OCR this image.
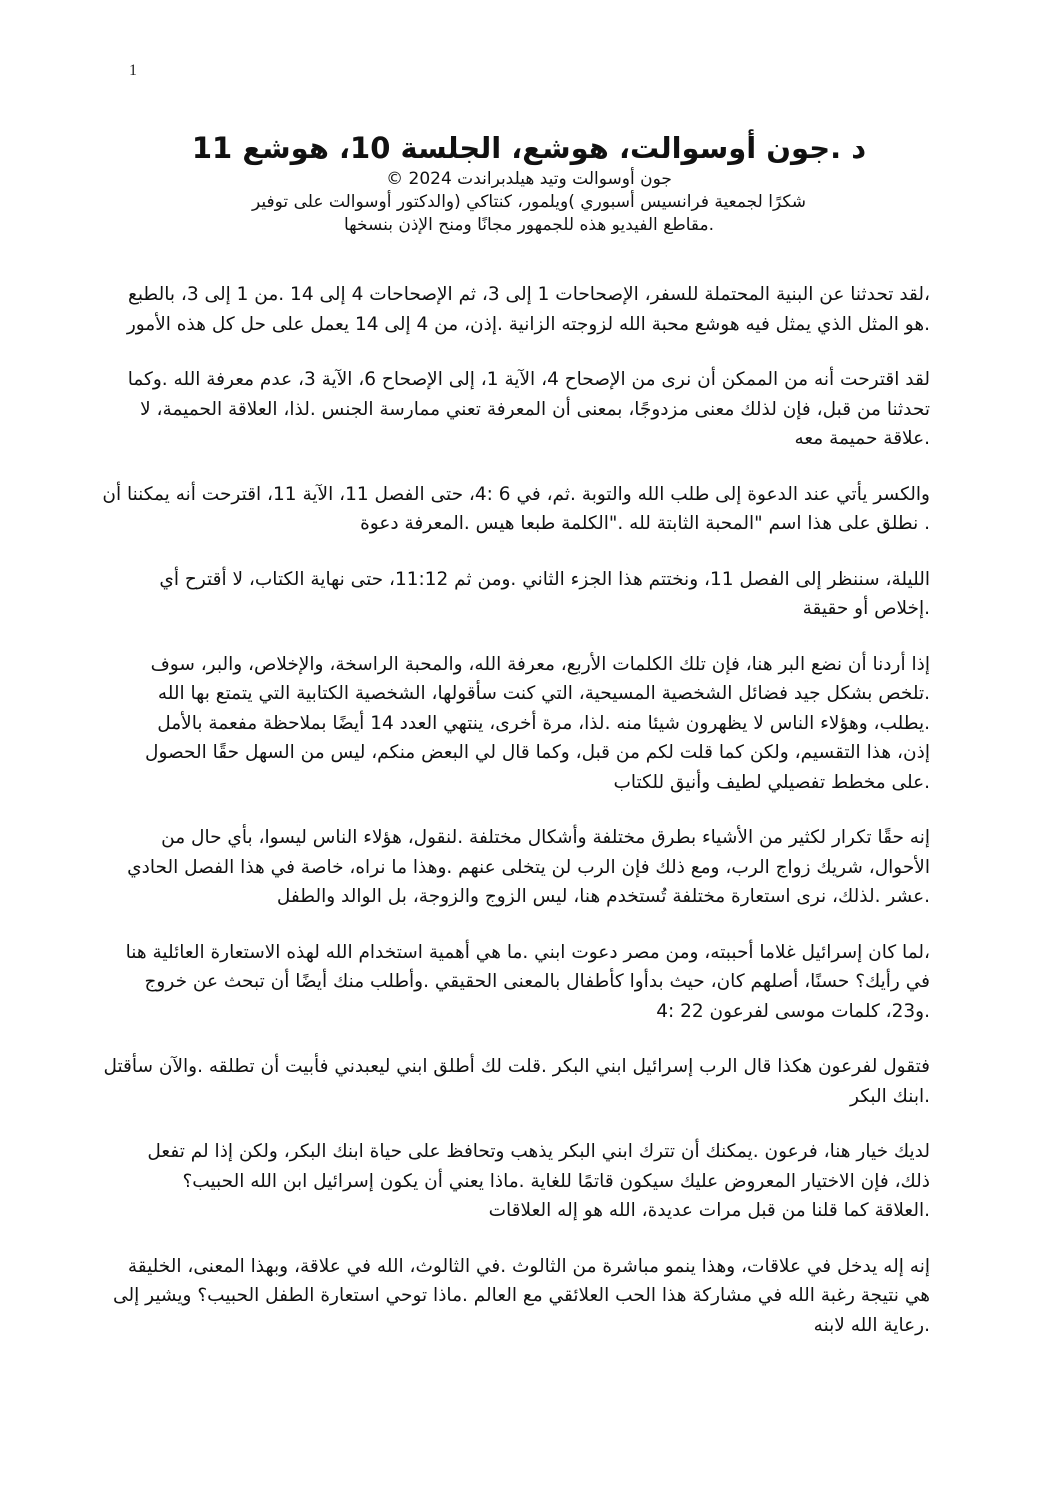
1
د .جون أوسوالت، هوشع، الجلسة 10، هوشع 11

جون أوسوالت وتيد هيلدبراندت 2024 ©

شكرًا لجمعية فرانسيس أسبوري )ويلمور، كنتاكي (والدكتور أوسوالت على توفير

.مقاطع الفيديو هذه للجمهور مجانًا ومنح الإذن بنسخها

،لقد تحدثنا عن البنية المحتملة للسفر، الإصحاحات 1 إلى 3، ثم الإصحاحات 4 إلى 14 .من 1 إلى 3، بالطبع
.هو المثل الذي يمثل فيه هوشع محبة الله لزوجته الزانية .إذن، من 4 إلى 14 يعمل على حل كل هذه الأمور
لقد اقترحت أنه من الممكن أن نرى من الإصحاح 4، الآية 1، إلى الإصحاح 6، الآية 3، عدم معرفة الله .وكما
تحدثنا من قبل، فإن لذلك معنى مزدوجًا، بمعنى أن المعرفة تعني ممارسة الجنس .لذا، العلاقة الحميمة، لا
.علاقة حميمة معه
والكسر يأتي عند الدعوة إلى طلب الله والتوبة .ثم، في 6 :4، حتى الفصل 11، الآية 11، اقترحت أنه يمكننا أن
. نطلق على هذا اسم "المحبة الثابتة لله ."الكلمة طبعا هيس .المعرفة دعوة
الليلة، سننظر إلى الفصل 11، ونختتم هذا الجزء الثاني .ومن ثم 11:12، حتى نهاية الكتاب، لا أقترح أي
.إخلاص أو حقيقة
إذا أردنا أن نضع البر هنا، فإن تلك الكلمات الأربع، معرفة الله، والمحبة الراسخة، والإخلاص، والبر، سوف
.تلخص بشكل جيد فضائل الشخصية المسيحية، التي كنت سأقولها، الشخصية الكتابية التي يتمتع بها الله
.يطلب، وهؤلاء الناس لا يظهرون شيئا منه .لذا، مرة أخرى، ينتهي العدد 14 أيضًا بملاحظة مفعمة بالأمل
إذن، هذا التقسيم، ولكن كما قلت لكم من قبل، وكما قال لي البعض منكم، ليس من السهل حقًا الحصول
.على مخطط تفصيلي لطيف وأنيق للكتاب
إنه حقًا تكرار لكثير من الأشياء بطرق مختلفة وأشكال مختلفة .لنقول، هؤلاء الناس ليسوا، بأي حال من
الأحوال، شريك زواج الرب، ومع ذلك فإن الرب لن يتخلى عنهم .وهذا ما نراه، خاصة في هذا الفصل الحادي
.عشر .لذلك، نرى استعارة مختلفة تُستخدم هنا، ليس الزوج والزوجة، بل الوالد والطفل
،لما كان إسرائيل غلاما أحببته، ومن مصر دعوت ابني .ما هي أهمية استخدام الله لهذه الاستعارة العائلية هنا
في رأيك؟ حسنًا، أصلهم كان، حيث بدأوا كأطفال بالمعنى الحقيقي .وأطلب منك أيضًا أن تبحث عن خروج
.و23، كلمات موسى لفرعون 22 :4
فتقول لفرعون هكذا قال الرب إسرائيل ابني البكر .قلت لك أطلق ابني ليعبدني فأبيت أن تطلقه .والآن سأقتل
.ابنك البكر
لديك خيار هنا، فرعون .يمكنك أن تترك ابني البكر يذهب وتحافظ على حياة ابنك البكر، ولكن إذا لم تفعل
ذلك، فإن الاختيار المعروض عليك سيكون قاتمًا للغاية .ماذا يعني أن يكون إسرائيل ابن الله الحبيب؟
.العلاقة كما قلنا من قبل مرات عديدة، الله هو إله العلاقات
إنه إله يدخل في علاقات، وهذا ينمو مباشرة من الثالوث .في الثالوث، الله في علاقة، وبهذا المعنى، الخليقة
هي نتيجة رغبة الله في مشاركة هذا الحب العلائقي مع العالم .ماذا توحي استعارة الطفل الحبيب؟ ويشير إلى
.رعاية الله لابنه
